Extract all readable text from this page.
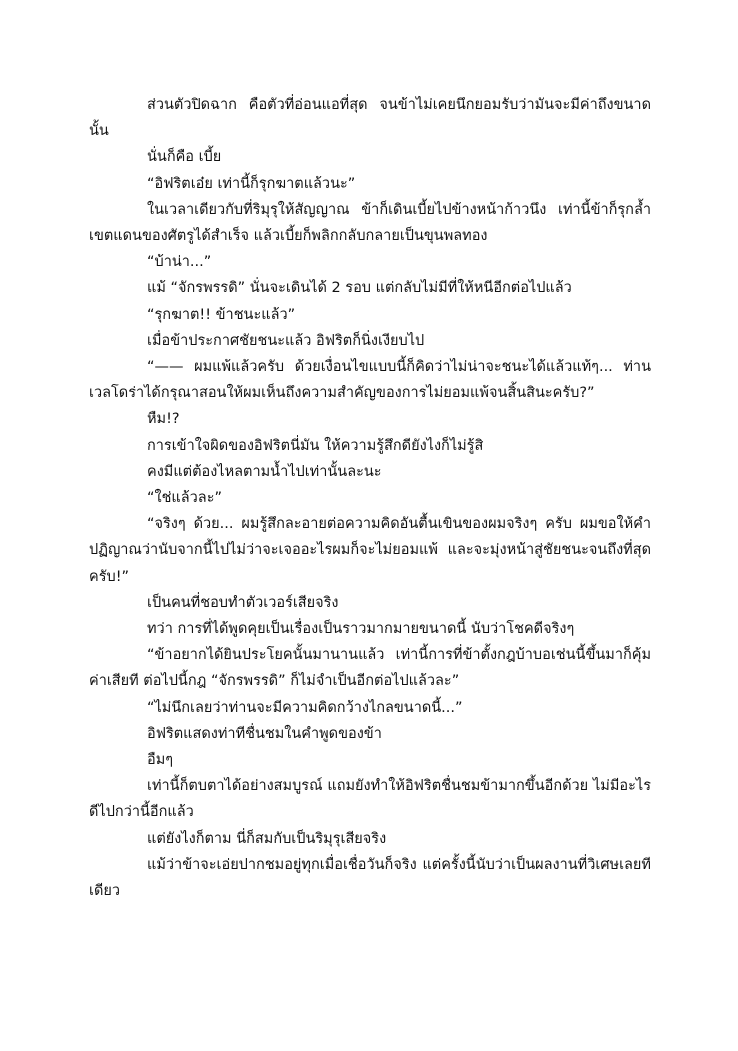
ส่วนตัวปิดฉาก คือตัวที่อ่อนแอที่สุด จนข้าไม่เคยนึกยอมรับว่ามันจะมีค่าถึงขนาดนั้น

นั่นก็คือ เบี้ย

“อิฟริตเอ๋ย เท่านี้ก็รุกฆาตแล้วนะ”

ในเวลาเดียวกับที่ริมุรุให้สัญญาณ ข้าก็เดินเบี้ยไปข้างหน้าก้าวนึง เท่านี้ข้าก็รุกล้ำเขตแดนของศัตรูได้สำเร็จ แล้วเบี้ยก็พลิกกลับกลายเป็นขุนพลทอง

“บ้าน่า...”

แม้ “จักรพรรดิ” นั่นจะเดินได้ 2 รอบ แต่กลับไม่มีที่ให้หนีอีกต่อไปแล้ว

“รุกฆาต!! ข้าชนะแล้ว”

เมื่อข้าประกาศชัยชนะแล้ว อิฟริตก็นิ่งเงียบไป

“—— ผมแพ้แล้วครับ ด้วยเงื่อนไขแบบนี้ก็คิดว่าไม่น่าจะชนะได้แล้วแท้ๆ... ท่านเวลโดร่าได้กรุณาสอนให้ผมเห็นถึงความสำคัญของการไม่ยอมแพ้จนสิ้นสินะครับ?”

หืม!?

การเข้าใจผิดของอิฟริตนี่มัน ให้ความรู้สึกดียังไงก็ไม่รู้สิ

คงมีแต่ต้องไหลตามน้ำไปเท่านั้นละนะ

“ใช่แล้วละ”

“จริงๆ ด้วย... ผมรู้สึกละอายต่อความคิดอันตื้นเขินของผมจริงๆ ครับ ผมขอให้คำปฏิญาณว่านับจากนี้ไปไม่ว่าจะเจออะไรผมก็จะไม่ยอมแพ้ และจะมุ่งหน้าสู่ชัยชนะจนถึงที่สุดครับ!”

เป็นคนที่ชอบทำตัวเวอร์เสียจริง

ทว่า การที่ได้พูดคุยเป็นเรื่องเป็นราวมากมายขนาดนี้ นับว่าโชคดีจริงๆ

“ข้าอยากได้ยินประโยคนั้นมานานแล้ว เท่านี้การที่ข้าตั้งกฎบ้าบอเช่นนี้ขึ้นมาก็คุ้มค่าเสียที ต่อไปนี้กฎ “จักรพรรดิ” ก็ไม่จำเป็นอีกต่อไปแล้วละ”

“ไม่นึกเลยว่าท่านจะมีความคิดกว้างไกลขนาดนี้...”

อิฟริตแสดงท่าทีชื่นชมในคำพูดของข้า

อืมๆ

เท่านี้ก็ตบตาได้อย่างสมบูรณ์ แถมยังทำให้อิฟริตชื่นชมข้ามากขึ้นอีกด้วย ไม่มีอะไรดีไปกว่านี้อีกแล้ว

แต่ยังไงก็ตาม นี่ก็สมกับเป็นริมุรุเสียจริง

แม้ว่าข้าจะเอ่ยปากชมอยู่ทุกเมื่อเชื่อวันก็จริง แต่ครั้งนี้นับว่าเป็นผลงานที่วิเศษเลยทีเดียว
